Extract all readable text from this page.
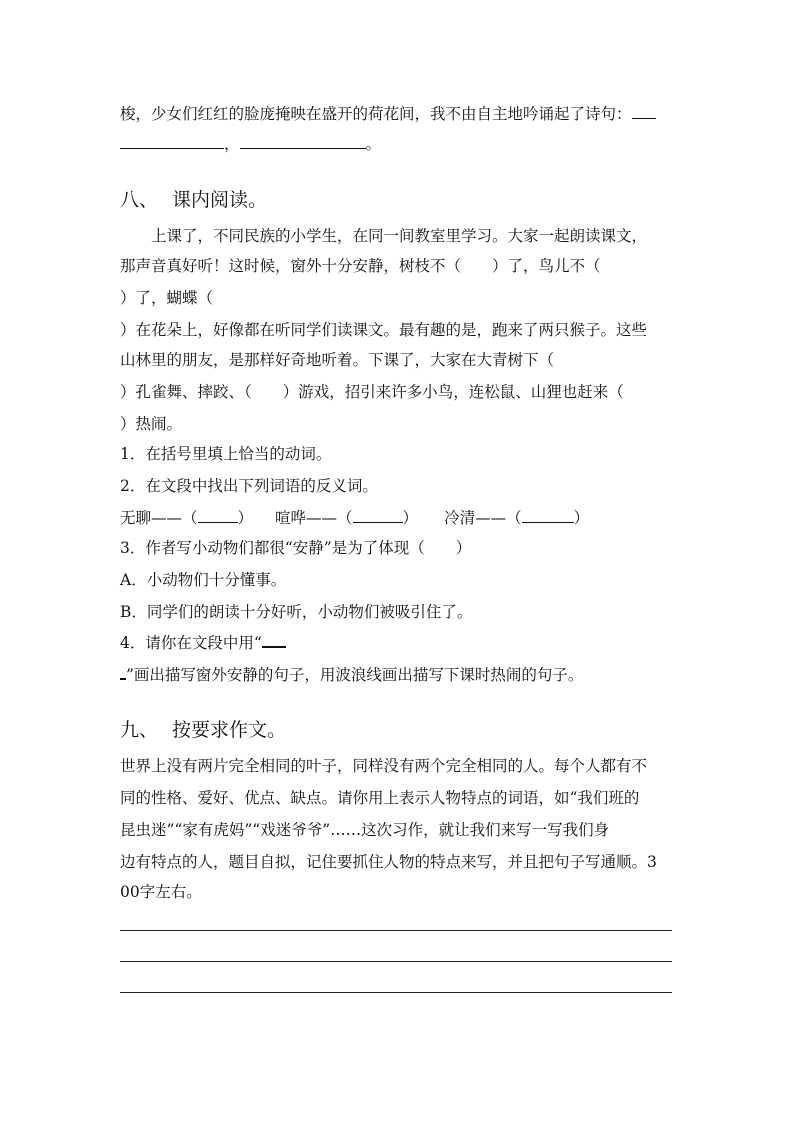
梭，少女们红红的脸庞掩映在盛开的荷花间，我不由自主地吟诵起了诗句：
，	。
八、 课内阅读。
　　上课了，不同民族的小学生，在同一间教室里学习。大家一起朗读课文，
那声音真好听！这时候，窗外十分安静，树枝不（　　）了，鸟儿不（
）了，蝴蝶（
）在花朵上，好像都在听同学们读课文。最有趣的是，跑来了两只猴子。这些
山林里的朋友，是那样好奇地听着。下课了，大家在大青树下（
）孔雀舞、摔跤、（　　）游戏，招引来许多小鸟，连松鼠、山狸也赶来（
）热闹。
1．在括号里填上恰当的动词。
2．在文段中找出下列词语的反义词。
无聊——（	） 喧哗——（	） 冷清——（	）
3．作者写小动物们都很“安静”是为了体现（　　）
A．小动物们十分懂事。
B．同学们的朗读十分好听，小动物们被吸引住了。
4．请你在文段中用“
”画出描写窗外安静的句子，用波浪线画出描写下课时热闹的句子。
九、 按要求作文。
世界上没有两片完全相同的叶子，同样没有两个完全相同的人。每个人都有不
同的性格、爱好、优点、缺点。请你用上表示人物特点的词语，如“我们班的
昆虫迷”“家有虎妈”“戏迷爷爷”……这次习作，就让我们来写一写我们身
边有特点的人，题目自拟，记住要抓住人物的特点来写，并且把句子写通顺。3
00字左右。
